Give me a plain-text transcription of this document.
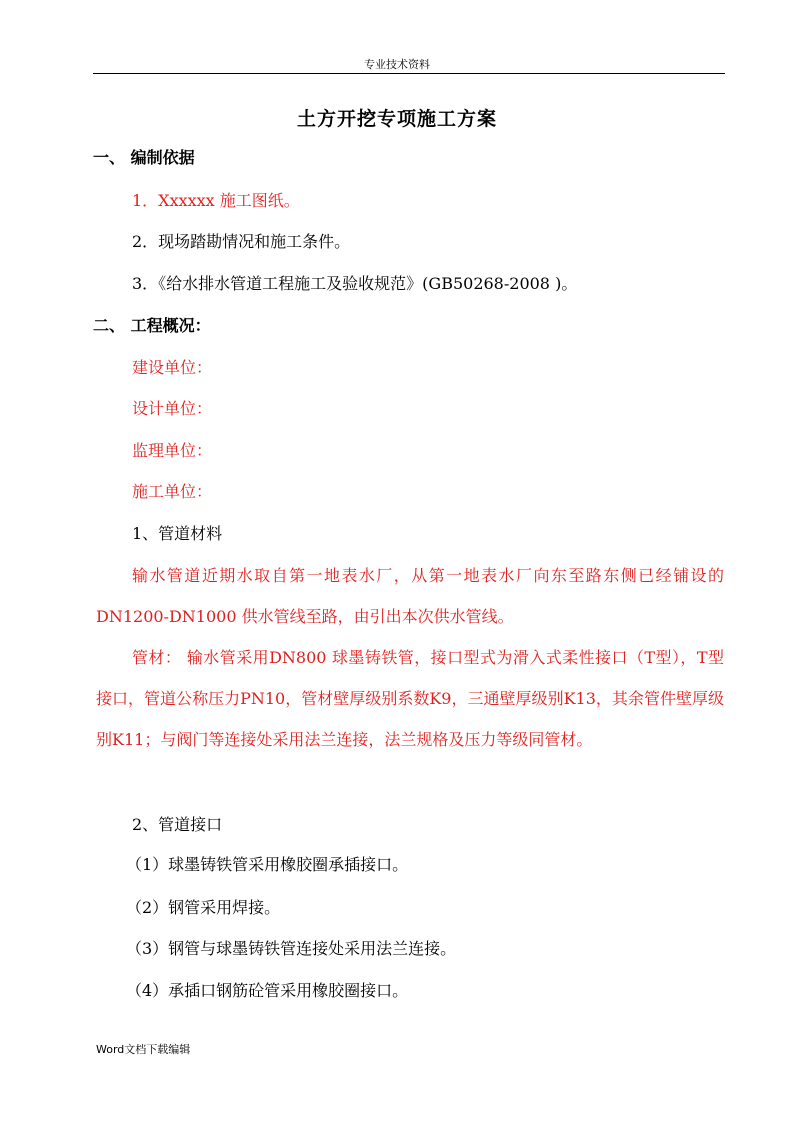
专业技术资料
土方开挖专项施工方案
一、 编制依据
1．Xxxxxx 施工图纸。
2．现场踏勘情况和施工条件。
3．《给水排水管道工程施工及验收规范》(GB50268-2008 )。
二、 工程概况：
建设单位：
设计单位：
监理单位：
施工单位：
1、管道材料

输水管道近期水取自第一地表水厂，从第一地表水厂向东至路东侧已经铺设的DN1200-DN1000 供水管线至路，由引出本次供水管线。

管材： 输水管采用DN800 球墨铸铁管，接口型式为滑入式柔性接口（T型），T型接口，管道公称压力PN10，管材壁厚级别系数K9，三通壁厚级别K13，其余管件壁厚级别K11；与阀门等连接处采用法兰连接，法兰规格及压力等级同管材。

2、管道接口
（1）球墨铸铁管采用橡胶圈承插接口。
（2）钢管采用焊接。
（3）钢管与球墨铸铁管连接处采用法兰连接。
（4）承插口钢筋砼管采用橡胶圈接口。
Word文档下载编辑
